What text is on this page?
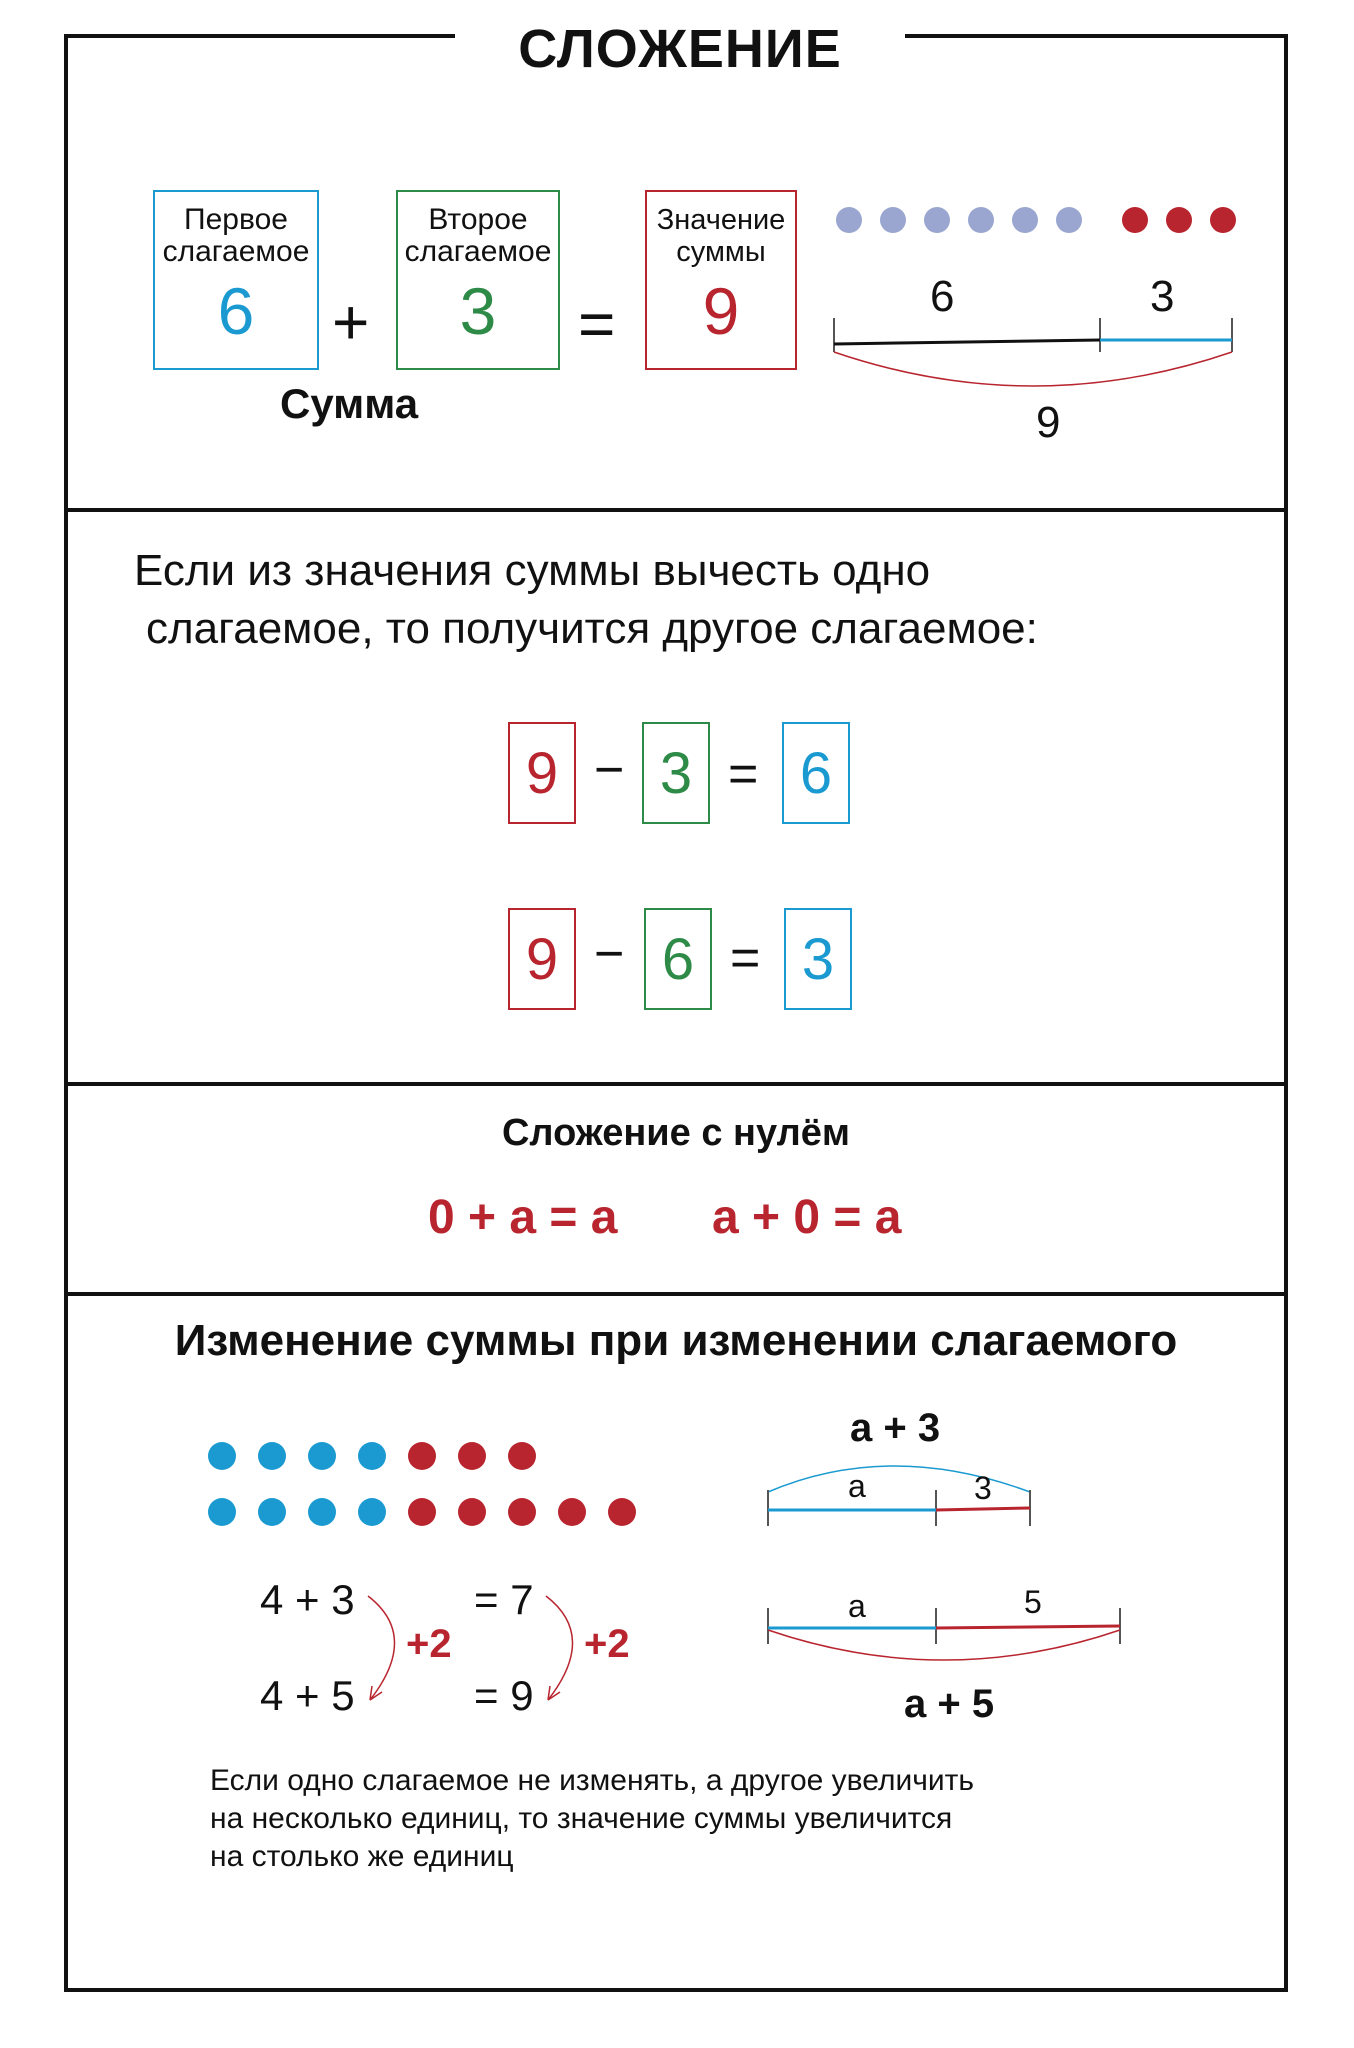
СЛОЖЕНИЕ
Первое
слагаемое
6	+
Второе
слагаемое
3	=
Значение
суммы
9
Сумма
6	3
9
Если из значения суммы вычесть одно
слагаемое, то получится другое слагаемое:
9 − 3 = 6
9 − 6 = 3
Сложение с нулём
0 + a = a a + 0 = a
Изменение суммы при изменении слагаемого
4 + 3	= 7
4 + 5	= 9
+2	+2
a + 3
a	3
a	5
a + 5
Если одно слагаемое не изменять, а другое увеличить
на несколько единиц, то значение суммы увеличится
на столько же единиц
